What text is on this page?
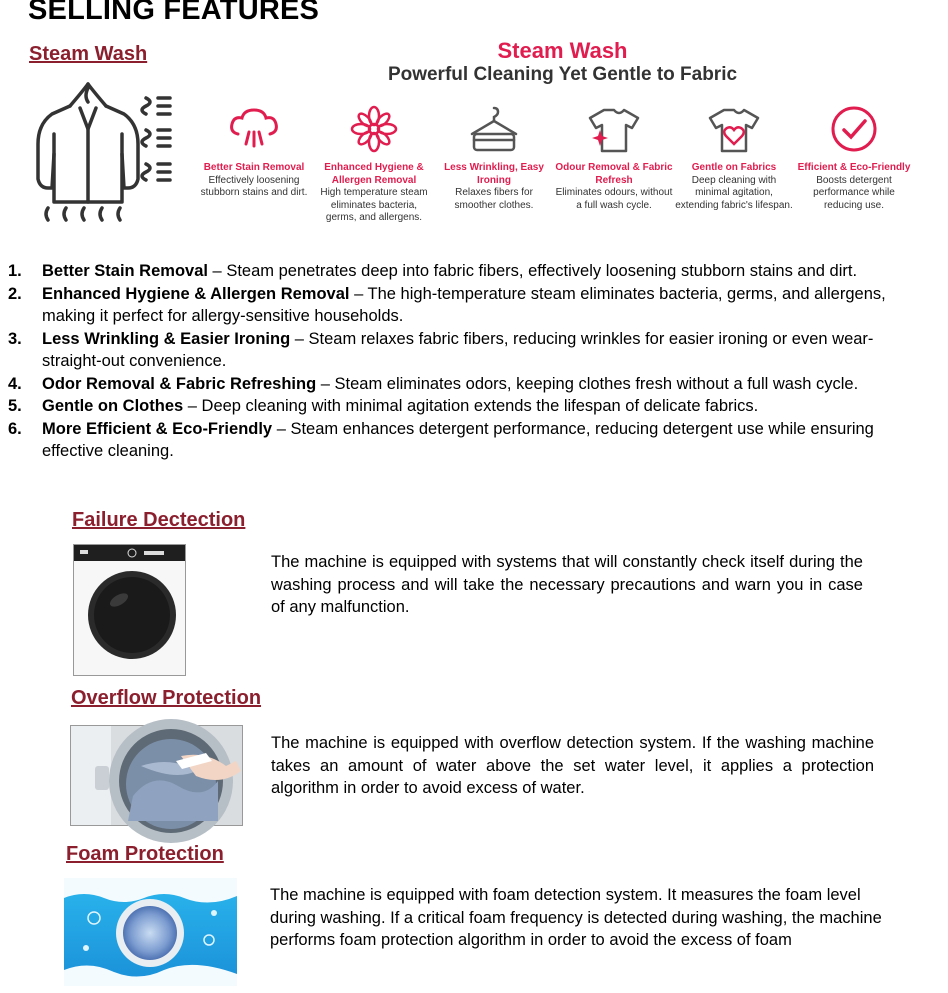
SELLING FEATURES
Steam Wash	Steam Wash
Powerful Cleaning Yet Gentle to Fabric
Better Stain Removal
Effectively loosening stubborn stains and dirt.
Enhanced Hygiene & Allergen Removal
High temperature steam eliminates bacteria, germs, and allergens.
Less Wrinkling, Easy Ironing
Relaxes fibers for smoother clothes.
Odour Removal & Fabric Refresh
Eliminates odours, without a full wash cycle.
Gentle on Fabrics
Deep cleaning with minimal agitation, extending fabric's lifespan.
Efficient & Eco-Friendly
Boosts detergent performance while reducing use.
1. Better Stain Removal – Steam penetrates deep into fabric fibers, effectively loosening stubborn stains and dirt.
2. Enhanced Hygiene & Allergen Removal – The high-temperature steam eliminates bacteria, germs, and allergens, making it perfect for allergy-sensitive households.
3. Less Wrinkling & Easier Ironing – Steam relaxes fabric fibers, reducing wrinkles for easier ironing or even wear-straight-out convenience.
4. Odor Removal & Fabric Refreshing – Steam eliminates odors, keeping clothes fresh without a full wash cycle.
5. Gentle on Clothes – Deep cleaning with minimal agitation extends the lifespan of delicate fabrics.
6. More Efficient & Eco-Friendly – Steam enhances detergent performance, reducing detergent use while ensuring effective cleaning.
Failure Dectection
The machine is equipped with systems that will constantly check itself during the washing process and will take the necessary precautions and warn you in case of any malfunction.
Overflow Protection
The machine is equipped with overflow detection system. If the washing machine takes an amount of water above the set water level, it applies a protection algorithm in order to avoid excess of water.
Foam Protection
The machine is equipped with foam detection system. It measures the foam level during washing. If a critical foam frequency is detected during washing, the machine performs foam protection algorithm in order to avoid the excess of foam
